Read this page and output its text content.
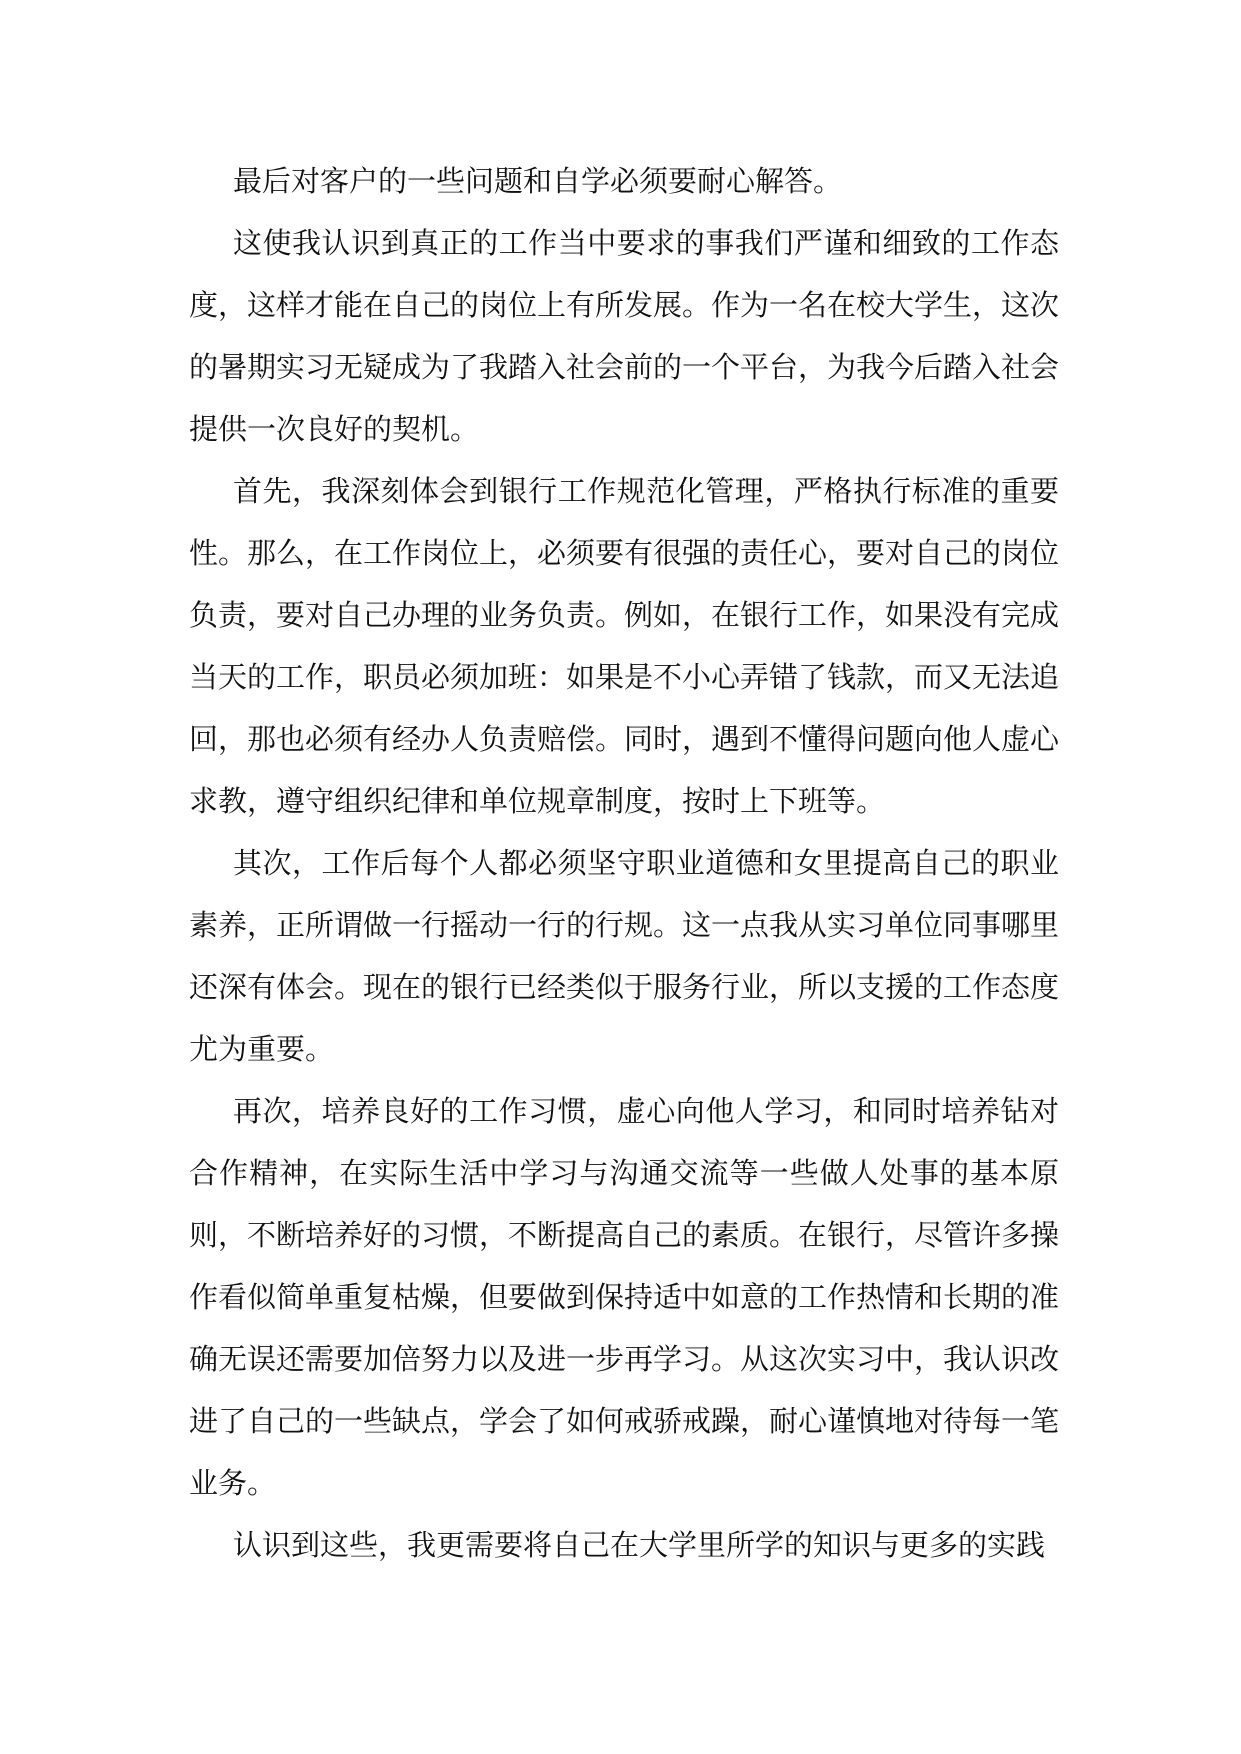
最后对客户的一些问题和自学必须要耐心解答。

这使我认识到真正的工作当中要求的事我们严谨和细致的工作态度，这样才能在自己的岗位上有所发展。作为一名在校大学生，这次的暑期实习无疑成为了我踏入社会前的一个平台，为我今后踏入社会提供一次良好的契机。

首先，我深刻体会到银行工作规范化管理，严格执行标准的重要性。那么，在工作岗位上，必须要有很强的责任心，要对自己的岗位负责，要对自己办理的业务负责。例如，在银行工作，如果没有完成当天的工作，职员必须加班：如果是不小心弄错了钱款，而又无法追回，那也必须有经办人负责赔偿。同时，遇到不懂得问题向他人虚心求教，遵守组织纪律和单位规章制度，按时上下班等。

其次，工作后每个人都必须坚守职业道德和女里提高自己的职业素养，正所谓做一行摇动一行的行规。这一点我从实习单位同事哪里还深有体会。现在的银行已经类似于服务行业，所以支援的工作态度尤为重要。

再次，培养良好的工作习惯，虚心向他人学习，和同时培养钻对合作精神，在实际生活中学习与沟通交流等一些做人处事的基本原则，不断培养好的习惯，不断提高自己的素质。在银行，尽管许多操作看似简单重复枯燥，但要做到保持适中如意的工作热情和长期的准确无误还需要加倍努力以及进一步再学习。从这次实习中，我认识改进了自己的一些缺点，学会了如何戒骄戒躁，耐心谨慎地对待每一笔业务。

认识到这些，我更需要将自己在大学里所学的知识与更多的实践
